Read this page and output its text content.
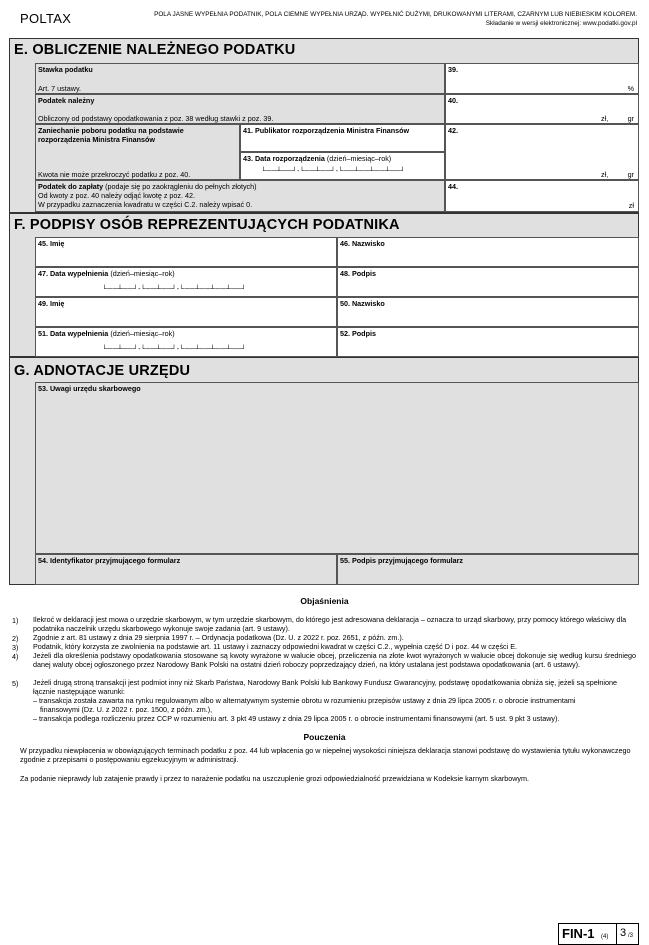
POLTAX	POLA JASNE WYPEŁNIA PODATNIK, POLA CIEMNE WYPEŁNIA URZĄD. WYPEŁNIĆ DUŻYMI, DRUKOWANYMI LITERAMI, CZARNYM LUB NIEBIESKIM KOLOREM.
Składanie w wersji elektronicznej: www.podatki.gov.pl
E. OBLICZENIE NALEŻNEGO PODATKU
Stawka podatku
Art. 7 ustawy.
39.
%
Podatek należny
Obliczony od podstawy opodatkowania z poz. 38 według stawki z poz. 39.
40.
zł,	gr
Zaniechanie poboru podatku na podstawie rozporządzenia Ministra Finansów
Kwota nie może przekroczyć podatku z poz. 40.
41. Publikator rozporządzenia Ministra Finansów
43. Data rozporządzenia (dzień–miesiąc–rok)
└──┴──┘-└──┴──┘-└──┴──┴──┴──┘
42.
zł,	gr
Podatek do zapłaty (podaje się po zaokrągleniu do pełnych złotych)
Od kwoty z poz. 40 należy odjąć kwotę z poz. 42.
W przypadku zaznaczenia kwadratu w części C.2. należy wpisać 0.
44.
zł
F. PODPISY OSÓB REPREZENTUJĄCYCH PODATNIKA
45. Imię	46. Nazwisko
47. Data wypełnienia (dzień–miesiąc–rok)
└──┴──┘-└──┴──┘-└──┴──┴──┴──┘
48. Podpis
49. Imię	50. Nazwisko
51. Data wypełnienia (dzień–miesiąc–rok)
└──┴──┘-└──┴──┘-└──┴──┴──┴──┘
52. Podpis
G. ADNOTACJE URZĘDU
53. Uwagi urzędu skarbowego
54. Identyfikator przyjmującego formularz	55. Podpis przyjmującego formularz
Objaśnienia
1) Ilekroć w deklaracji jest mowa o urzędzie skarbowym, w tym urzędzie skarbowym, do którego jest adresowana deklaracja – oznacza to urząd skarbowy, przy pomocy którego właściwy dla podatnika naczelnik urzędu skarbowego wykonuje swoje zadania (art. 9 ustawy).
2) Zgodnie z art. 81 ustawy z dnia 29 sierpnia 1997 r. – Ordynacja podatkowa (Dz. U. z 2022 r. poz. 2651, z późn. zm.).
3) Podatnik, który korzysta ze zwolnienia na podstawie art. 11 ustawy i zaznaczy odpowiedni kwadrat w części C.2., wypełnia część D i poz. 44 w części E.
4) Jeżeli dla określenia podstawy opodatkowania stosowane są kwoty wyrażone w walucie obcej, przeliczenia na złote kwot wyrażonych w walucie obcej dokonuje się według kursu średniego danej waluty obcej ogłoszonego przez Narodowy Bank Polski na ostatni dzień roboczy poprzedzający dzień, na który ustalana jest podstawa opodatkowania (art. 6 ustawy).
5) Jeżeli drugą stroną transakcji jest podmiot inny niż Skarb Państwa, Narodowy Bank Polski lub Bankowy Fundusz Gwarancyjny, podstawę opodatkowania obniża się, jeżeli są spełnione łącznie następujące warunki:
– transakcja została zawarta na rynku regulowanym albo w alternatywnym systemie obrotu w rozumieniu przepisów ustawy z dnia 29 lipca 2005 r. o obrocie instrumentami
finansowymi (Dz. U. z 2022 r. poz. 1500, z późn. zm.),
– transakcja podlega rozliczeniu przez CCP w rozumieniu art. 3 pkt 49 ustawy z dnia 29 lipca 2005 r. o obrocie instrumentami finansowymi (art. 5 ust. 9 pkt 3 ustawy).
Pouczenia
W przypadku niewpłacenia w obowiązujących terminach podatku z poz. 44 lub wpłacenia go w niepełnej wysokości niniejsza deklaracja stanowi podstawę do wystawienia tytułu wykonawczego zgodnie z przepisami o postępowaniu egzekucyjnym w administracji.
Za podanie nieprawdy lub zatajenie prawdy i przez to narażenie podatku na uszczuplenie grozi odpowiedzialność przewidziana w Kodeksie karnym skarbowym.
FIN-1 (4) 3 /3
